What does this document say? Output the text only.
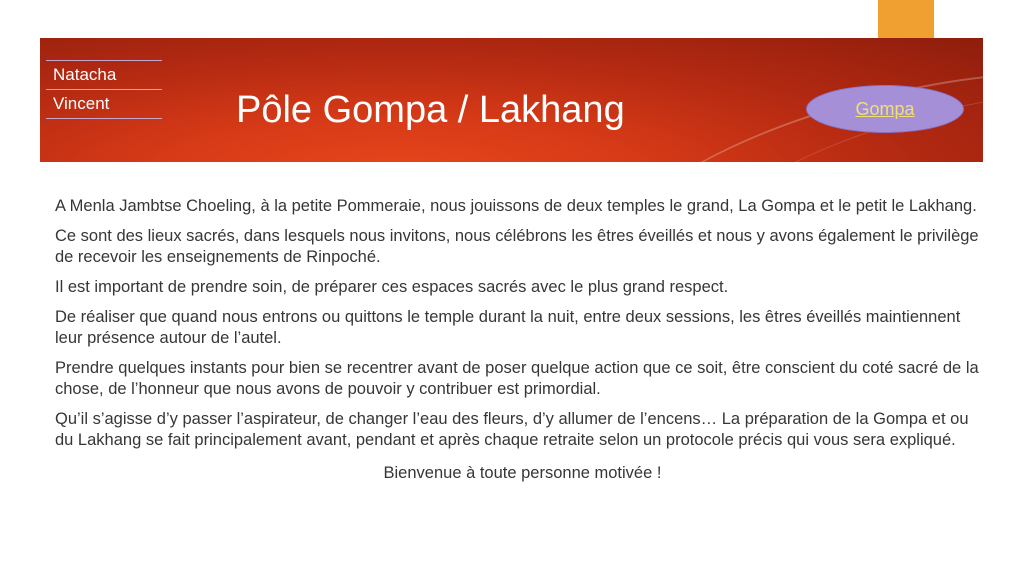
Natacha
Vincent	Pôle Gompa / Lakhang	Gompa

A Menla Jambtse Choeling, à la petite Pommeraie, nous jouissons de deux temples le grand, La Gompa et le petit le Lakhang.

Ce sont des lieux sacrés, dans lesquels nous invitons, nous célébrons les êtres éveillés et nous y avons également le privilège de recevoir les enseignements de Rinpoché.

Il est important de prendre soin, de préparer ces espaces sacrés avec le plus grand respect.

De réaliser que quand nous entrons ou quittons le temple durant la nuit, entre deux sessions, les êtres éveillés maintiennent leur présence autour de l’autel.

Prendre quelques instants pour bien se recentrer avant de poser quelque action que ce soit, être conscient du coté sacré de la chose, de l’honneur que nous avons de pouvoir y contribuer est primordial.

Qu’il s’agisse d’y passer l’aspirateur, de changer l’eau des fleurs, d’y allumer de l’encens… La préparation de la Gompa et ou du Lakhang se fait principalement avant, pendant et après chaque retraite selon un protocole précis qui vous sera expliqué.

Bienvenue à toute personne motivée !
